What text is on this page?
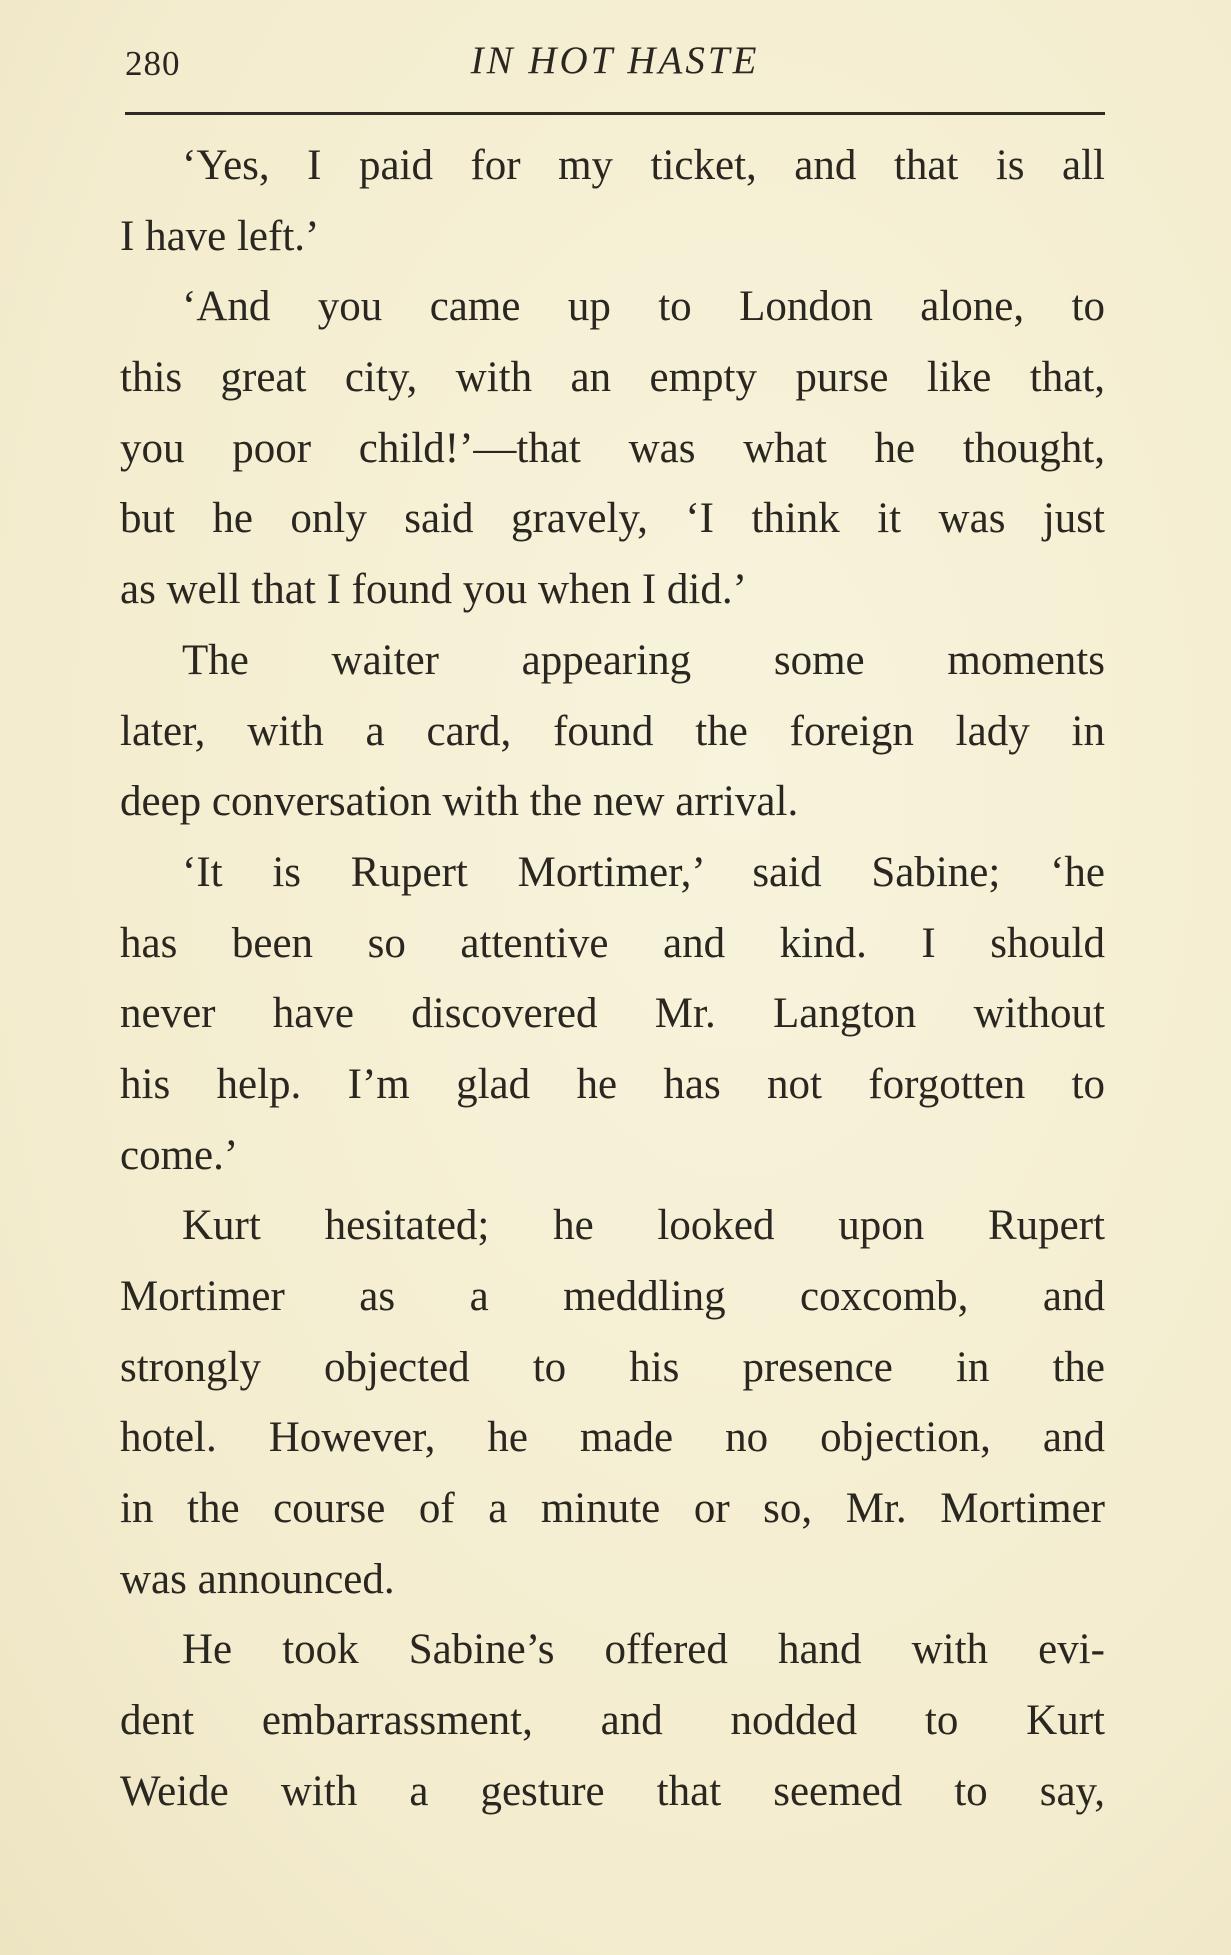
280	IN HOT HASTE
‘Yes, I paid for my ticket, and that is all
I have left.’
‘And you came up to London alone, to
this great city, with an empty purse like that,
you poor child!’—that was what he thought,
but he only said gravely, ‘I think it was just
as well that I found you when I did.’
The waiter appearing some moments
later, with a card, found the foreign lady in
deep conversation with the new arrival.
‘It is Rupert Mortimer,’ said Sabine; ‘he
has been so attentive and kind. I should
never have discovered Mr. Langton without
his help. I’m glad he has not forgotten to
come.’
Kurt hesitated; he looked upon Rupert
Mortimer as a meddling coxcomb, and
strongly objected to his presence in the
hotel. However, he made no objection, and
in the course of a minute or so, Mr. Mortimer
was announced.
He took Sabine’s offered hand with evi-
dent embarrassment, and nodded to Kurt
Weide with a gesture that seemed to say,
